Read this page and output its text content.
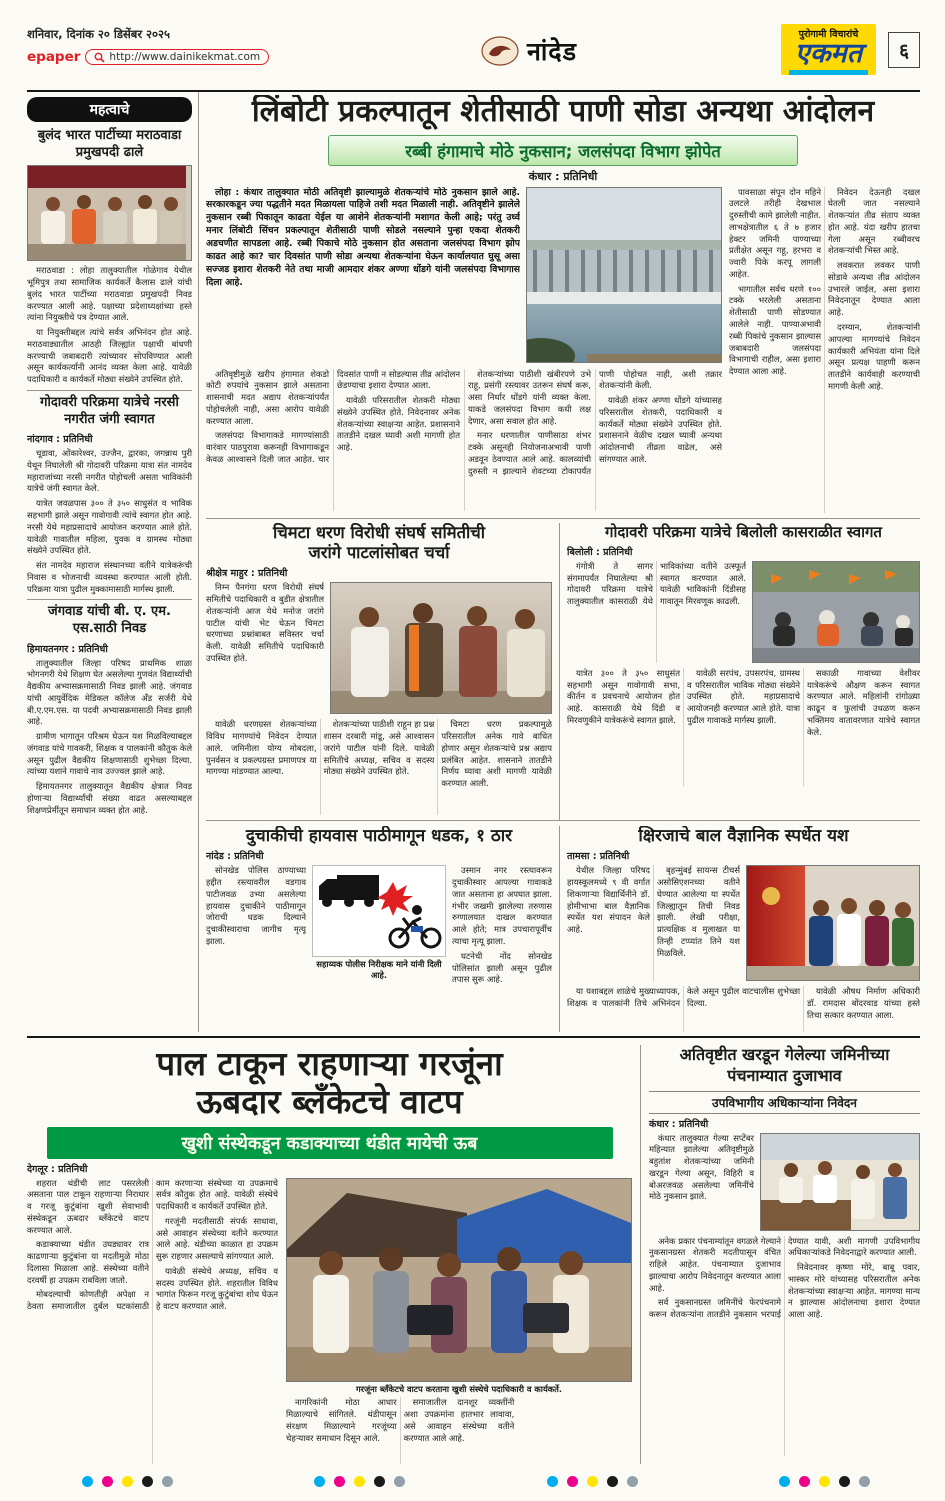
शनिवार, दिनांक २० डिसेंबर २०२५
epaper	http://www.dainikekmat.com	नांदेड
पुरोगामी विचारांचे
एकमत	६
महत्वाचे
बुलंद भारत पार्टीच्या मराठवाडा प्रमुखपदी ढाले

मराठवाडा : लोहा तालुक्यातील गोळेगाव येथील भूमिपुत्र तथा सामाजिक कार्यकर्ते कैलास ढाले यांची बुलंद भारत पार्टीच्या मराठवाडा प्रमुखपदी निवड करण्यात आली आहे. पक्षाच्या प्रदेशाध्यक्षांच्या हस्ते त्यांना नियुक्तीचे पत्र देण्यात आले.

या नियुक्तीबद्दल त्यांचे सर्वत्र अभिनंदन होत आहे. मराठवाड्यातील आठही जिल्ह्यांत पक्षाची बांधणी करण्याची जबाबदारी त्यांच्यावर सोपविण्यात आली असून कार्यकर्त्यांनी आनंद व्यक्त केला आहे. यावेळी पदाधिकारी व कार्यकर्ते मोठ्या संख्येने उपस्थित होते.

गोदावरी परिक्रमा यात्रेचे नरसी नगरीत जंगी स्वागत
नांदगाव : प्रतिनिधी

चूडावा, ओंकारेश्वर, उज्जैन, द्वारका, जगन्नाथ पुरी येथून निघालेली श्री गोदावरी परिक्रमा यात्रा संत नामदेव महाराजांच्या नरसी नगरीत पोहोचली असता भाविकांनी यात्रेचे जंगी स्वागत केले.

यात्रेत जवळपास ३०० ते ३५० साधुसंत व भाविक सहभागी झाले असून गावोगावी त्यांचे स्वागत होत आहे. नरसी येथे महाप्रसादाचे आयोजन करण्यात आले होते. यावेळी गावातील महिला, युवक व ग्रामस्थ मोठ्या संख्येने उपस्थित होते.

संत नामदेव महाराज संस्थानच्या वतीने यात्रेकरूंची निवास व भोजनाची व्यवस्था करण्यात आली होती. परिक्रमा यात्रा पुढील मुक्कामासाठी मार्गस्थ झाली.

जंगवाड यांची बी. ए. एम. एस.साठी निवड
हिमायतनगर : प्रतिनिधी

तालुक्यातील जिल्हा परिषद प्राथमिक शाळा भोगनगरी येथे शिक्षण घेत असलेल्या गुणवंत विद्यार्थ्याची वैद्यकीय अभ्यासक्रमासाठी निवड झाली आहे. जंगवाड यांची आयुर्वेदिक मेडिकल कॉलेज अँड सर्जरी येथे बी.ए.एम.एस. या पदवी अभ्यासक्रमासाठी निवड झाली आहे.

ग्रामीण भागातून परिश्रम घेऊन यश मिळविल्याबद्दल जंगवाड यांचे गावकरी, शिक्षक व पालकांनी कौतुक केले असून पुढील वैद्यकीय शिक्षणासाठी शुभेच्छा दिल्या. त्यांच्या यशाने गावाचे नाव उज्ज्वल झाले आहे.

हिमायतनगर तालुक्यातून वैद्यकीय क्षेत्रात निवड होणाऱ्या विद्यार्थ्यांची संख्या वाढत असल्याबद्दल शिक्षणप्रेमींतून समाधान व्यक्त होत आहे.

लिंबोटी प्रकल्पातून शेतीसाठी पाणी सोडा अन्यथा आंदोलन
रब्बी हंगामाचे मोठे नुकसान; जलसंपदा विभाग झोपेत
कंधार : प्रतिनिधी

लोहा : कंधार तालुक्यात मोठी अतिवृष्टी झाल्यामुळे शेतकऱ्यांचे मोठे नुकसान झाले आहे. सरकारकडून ज्या पद्धतीने मदत मिळायला पाहिजे तशी मदत मिळाली नाही. अतिवृष्टीने झालेले नुकसान रब्बी पिकातून काढता येईल या आशेने शेतकऱ्यांनी मशागत केली आहे; परंतु उर्ध्व मनार लिंबोटी सिंचन प्रकल्पातून शेतीसाठी पाणी सोडले नसल्याने पुन्हा एकदा शेतकरी अडचणीत सापडला आहे. रब्बी पिकाचे मोठे नुकसान होत असताना जलसंपदा विभाग झोप काढत आहे का? चार दिवसांत पाणी सोडा अन्यथा शेतकऱ्यांना घेऊन कार्यालयात घुसू असा सज्जड इशारा शेतकरी नेते तथा माजी आमदार शंकर अण्णा धोंडगे यांनी जलसंपदा विभागास दिला आहे.

अतिवृष्टीमुळे खरीप हंगामात शेकडो कोटी रुपयांचे नुकसान झाले असताना शासनाची मदत अद्याप शेतकऱ्यांपर्यंत पोहोचलेली नाही, असा आरोप यावेळी करण्यात आला.

जलसंपदा विभागाकडे मागण्यांसाठी वारंवार पाठपुरावा करूनही विभागाकडून केवळ आश्वासने दिली जात आहेत. चार दिवसांत पाणी न सोडल्यास तीव्र आंदोलन छेडण्याचा इशारा देण्यात आला.

यावेळी परिसरातील शेतकरी मोठ्या संख्येने उपस्थित होते. निवेदनावर अनेक शेतकऱ्यांच्या स्वाक्षऱ्या आहेत. प्रशासनाने तातडीने दखल घ्यावी अशी मागणी होत आहे.

शेतकऱ्यांच्या पाठीशी खंबीरपणे उभे राहू, प्रसंगी रस्त्यावर उतरून संघर्ष करू, असा निर्धार धोंडगे यांनी व्यक्त केला. याकडे जलसंपदा विभाग कधी लक्ष देणार, असा सवाल होत आहे.

मनार धरणातील पाणीसाठा शंभर टक्के असूनही नियोजनाअभावी पाणी अडवून ठेवण्यात आले आहे. कालव्यांची दुरुस्ती न झाल्याने शेवटच्या टोकापर्यंत पाणी पोहोचत नाही, अशी तक्रार शेतकऱ्यांनी केली.

यावेळी शंकर अण्णा धोंडगे यांच्यासह परिसरातील शेतकरी, पदाधिकारी व कार्यकर्ते मोठ्या संख्येने उपस्थित होते. प्रशासनाने वेळीच दखल घ्यावी अन्यथा आंदोलनाची तीव्रता वाढेल, असे सांगण्यात आले.

पावसाळा संपून दोन महिने उलटले तरीही देखभाल दुरुस्तीची कामे झालेली नाहीत. लाभक्षेत्रातील ६ ते ७ हजार हेक्टर जमिनी पाण्याच्या प्रतीक्षेत असून गहू, हरभरा व ज्वारी पिके करपू लागली आहेत.

भागातील सर्वच धरणे १०० टक्के भरलेली असताना शेतीसाठी पाणी सोडण्यात आलेले नाही. पाण्याअभावी रब्बी पिकांचे नुकसान झाल्यास जबाबदारी जलसंपदा विभागाची राहील, असा इशारा देण्यात आला आहे.

निवेदन देऊनही दखल घेतली जात नसल्याने शेतकऱ्यांत तीव्र संताप व्यक्त होत आहे. यंदा खरीप हातचा गेला असून रब्बीवरच शेतकऱ्यांची भिस्त आहे.

लवकरात लवकर पाणी सोडावे अन्यथा तीव्र आंदोलन उभारले जाईल, असा इशारा निवेदनातून देण्यात आला आहे.

दरम्यान, शेतकऱ्यांनी आपल्या मागण्यांचे निवेदन कार्यकारी अभियंता यांना दिले असून प्रत्यक्ष पाहणी करून तातडीने कार्यवाही करण्याची मागणी केली आहे.

चिमटा धरण विरोधी संघर्ष समितीची
जरांगे पाटलांसोबत चर्चा
श्रीक्षेत्र माहुर : प्रतिनिधी

निम्न पैनगंगा धरण विरोधी संघर्ष समितीचे पदाधिकारी व बुडीत क्षेत्रातील शेतकऱ्यांनी आज येथे मनोज जरांगे पाटील यांची भेट घेऊन चिमटा धरणाच्या प्रश्नांबाबत सविस्तर चर्चा केली. यावेळी समितीचे पदाधिकारी उपस्थित होते.

यावेळी धरणग्रस्त शेतकऱ्यांच्या विविध मागण्यांचे निवेदन देण्यात आले. जमिनीला योग्य मोबदला, पुनर्वसन व प्रकल्पग्रस्त प्रमाणपत्र या मागण्या मांडण्यात आल्या.

शेतकऱ्यांच्या पाठीशी राहून हा प्रश्न शासन दरबारी मांडू, असे आश्वासन जरांगे पाटील यांनी दिले. यावेळी समितीचे अध्यक्ष, सचिव व सदस्य मोठ्या संख्येने उपस्थित होते.

चिमटा धरण प्रकल्पामुळे परिसरातील अनेक गावे बाधित होणार असून शेतकऱ्यांचे प्रश्न अद्याप प्रलंबित आहेत. शासनाने तातडीने निर्णय घ्यावा अशी मागणी यावेळी करण्यात आली.

गोदावरी परिक्रमा यात्रेचे बिलोली कासराळीत स्वागत
बिलोली : प्रतिनिधी

गंगोत्री ते सागर संगमापर्यंत निघालेल्या श्री गोदावरी परिक्रमा यात्रेचे तालुक्यातील कासराळी येथे भाविकांच्या वतीने उत्स्फूर्त स्वागत करण्यात आले. यावेळी भाविकांनी दिंडीसह गावातून मिरवणूक काढली.

यात्रेत ३०० ते ३५० साधुसंत सहभागी असून गावोगावी सभा, कीर्तन व प्रवचनाचे आयोजन होत आहे. कासराळी येथे दिंडी व मिरवणुकीने यात्रेकरूंचे स्वागत झाले.

यावेळी सरपंच, उपसरपंच, ग्रामस्थ व परिसरातील भाविक मोठ्या संख्येने उपस्थित होते. महाप्रसादाचे आयोजनही करण्यात आले होते. यात्रा पुढील गावाकडे मार्गस्थ झाली.

सकाळी गावाच्या वेशीवर यात्रेकरूंचे औक्षण करून स्वागत करण्यात आले. महिलांनी रांगोळ्या काढून व फुलांची उधळण करून भक्तिमय वातावरणात यात्रेचे स्वागत केले.

दुचाकीची हायवास पाठीमागून धडक, १ ठार
नांदेड : प्रतिनिधी

सोनखेड पोलिस ठाण्याच्या हद्दीत रस्त्यावरील वडगाव पाटीजवळ उभ्या असलेल्या हायवास दुचाकीने पाठीमागून जोराची धडक दिल्याने दुचाकीस्वाराचा जागीच मृत्यू झाला.

सहाय्यक पोलीस निरीक्षक माने यांनी दिली आहे.

उस्मान नगर रस्त्यावरून दुचाकीस्वार आपल्या गावाकडे जात असताना हा अपघात झाला. गंभीर जखमी झालेल्या तरुणास रुग्णालयात दाखल करण्यात आले होते; मात्र उपचारापूर्वीच त्याचा मृत्यू झाला.

घटनेची नोंद सोनखेड पोलिसांत झाली असून पुढील तपास सुरू आहे.

क्षिरजाचे बाल वैज्ञानिक स्पर्धेत यश
तामसा : प्रतिनिधी

येथील जिल्हा परिषद हायस्कूलमध्ये ९ वी वर्गात शिकणाऱ्या विद्यार्थिनीने डॉ. होमीभाभा बाल वैज्ञानिक स्पर्धेत यश संपादन केले आहे.

बृहन्मुंबई सायन्स टीचर्स असोसिएशनच्या वतीने घेण्यात आलेल्या या स्पर्धेत जिल्ह्यातून तिची निवड झाली. लेखी परीक्षा, प्रात्यक्षिक व मुलाखत या तिन्ही टप्प्यांत तिने यश मिळविले.

या यशाबद्दल शाळेचे मुख्याध्यापक, शिक्षक व पालकांनी तिचे अभिनंदन केले असून पुढील वाटचालीस शुभेच्छा दिल्या.

यावेळी औषध निर्माण अधिकारी डॉ. रामदास बोंदरवाड यांच्या हस्ते तिचा सत्कार करण्यात आला.

पाल टाकून राहणाऱ्या गरजूंना
ऊबदार ब्लँकेटचे वाटप
खुशी संस्थेकडून कडाक्याच्या थंडीत मायेची ऊब
देगलूर : प्रतिनिधी

शहरात थंडीची लाट पसरलेली असताना पाल टाकून राहणाऱ्या निराधार व गरजू कुटुंबांना खुशी सेवाभावी संस्थेकडून ऊबदार ब्लँकेटचे वाटप करण्यात आले.

कडाक्याच्या थंडीत उघड्यावर रात्र काढणाऱ्या कुटुंबांना या मदतीमुळे मोठा दिलासा मिळाला आहे. संस्थेच्या वतीने दरवर्षी हा उपक्रम राबविला जातो.

मोबदल्याची कोणतीही अपेक्षा न ठेवता समाजातील दुर्बल घटकांसाठी काम करणाऱ्या संस्थेच्या या उपक्रमाचे सर्वत्र कौतुक होत आहे. यावेळी संस्थेचे पदाधिकारी व कार्यकर्ते उपस्थित होते.

गरजूंनी मदतीसाठी संपर्क साधावा, असे आवाहन संस्थेच्या वतीने करण्यात आले आहे. थंडीच्या काळात हा उपक्रम सुरू राहणार असल्याचे सांगण्यात आले.

यावेळी संस्थेचे अध्यक्ष, सचिव व सदस्य उपस्थित होते. शहरातील विविध भागांत फिरून गरजू कुटुंबांचा शोध घेऊन हे वाटप करण्यात आले.

गरजूंना ब्लँकेटचे वाटप करताना खुशी संस्थेचे पदाधिकारी व कार्यकर्ते.

नागरिकांनी मोठा आधार मिळाल्याचे सांगितले. थंडीपासून संरक्षण मिळाल्याने गरजूंच्या चेहऱ्यावर समाधान दिसून आले.

समाजातील दानशूर व्यक्तींनी अशा उपक्रमांना हातभार लावावा, असे आवाहन संस्थेच्या वतीने करण्यात आले आहे.

अतिवृष्टीत खरडून गेलेल्या जमिनीच्या पंचनाम्यात दुजाभाव
उपविभागीय अधिकाऱ्यांना निवेदन
कंधार : प्रतिनिधी

कंधार तालुक्यात गेल्या सप्टेंबर महिन्यात झालेल्या अतिवृष्टीमुळे बहुतांश शेतकऱ्यांच्या जमिनी खरडून गेल्या असून, विहिरी व बोअरजवळ असलेल्या जमिनींचे मोठे नुकसान झाले.

अनेक प्रकार पंचनाम्यांतून वगळले गेल्याने नुकसानग्रस्त शेतकरी मदतीपासून वंचित राहिले आहेत. पंचनाम्यात दुजाभाव झाल्याचा आरोप निवेदनातून करण्यात आला आहे.

सर्व नुकसानग्रस्त जमिनींचे फेरपंचनामे करून शेतकऱ्यांना तातडीने नुकसान भरपाई देण्यात यावी, अशी मागणी उपविभागीय अधिकाऱ्यांकडे निवेदनाद्वारे करण्यात आली.

निवेदनावर कृष्णा मोरे, बाबू पवार, भास्कर मोरे यांच्यासह परिसरातील अनेक शेतकऱ्यांच्या स्वाक्षऱ्या आहेत. मागण्या मान्य न झाल्यास आंदोलनाचा इशारा देण्यात आला आहे.
